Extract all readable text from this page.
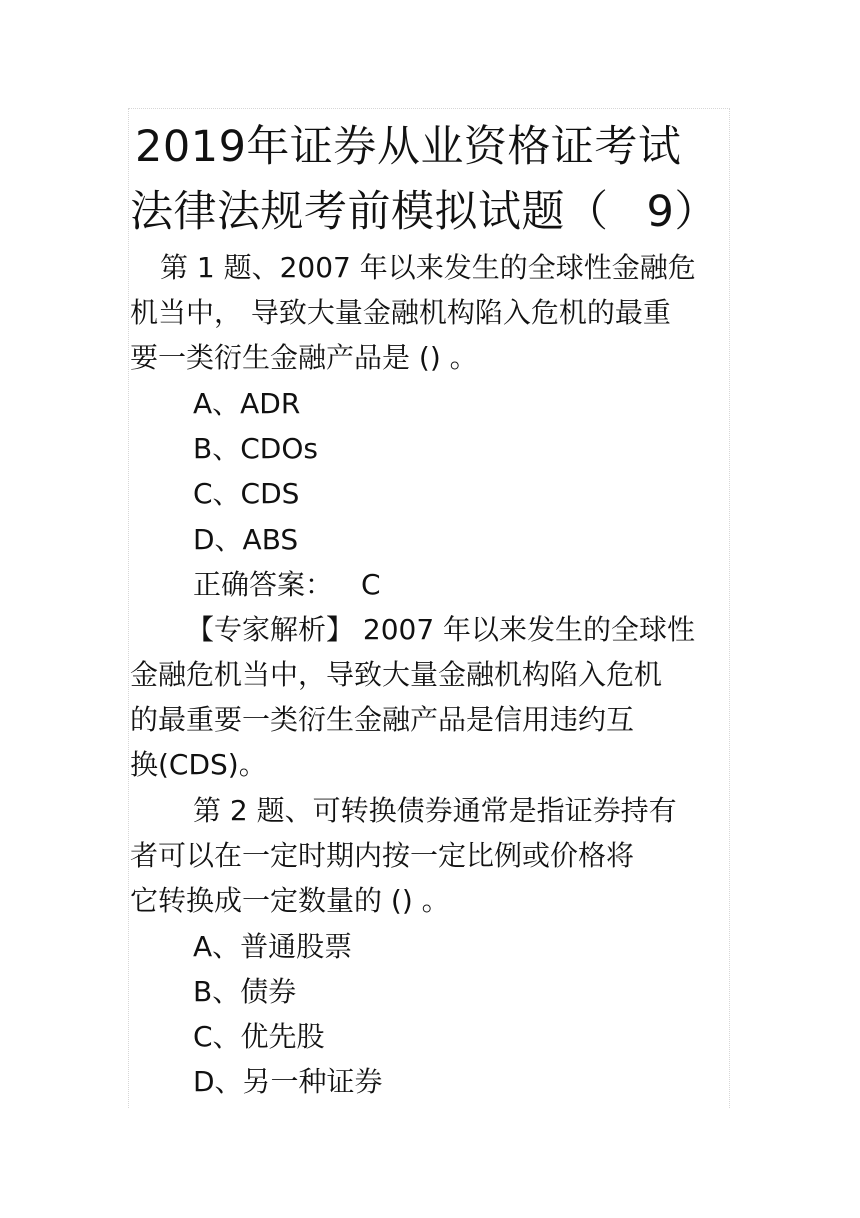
2019年证券从业资格证考试
法律法规考前模拟试题（ 9）
第 1 题、2007 年以来发生的全球性金融危
机当中， 导致大量金融机构陷入危机的最重
要一类衍生金融产品是 () 。
A、ADR
B、CDOs
C、CDS
D、ABS
正确答案： C
【专家解析】 2007 年以来发生的全球性
金融危机当中，导致大量金融机构陷入危机
的最重要一类衍生金融产品是信用违约互
换(CDS)。
第 2 题、可转换债券通常是指证券持有
者可以在一定时期内按一定比例或价格将
它转换成一定数量的 () 。
A、普通股票
B、债券
C、优先股
D、另一种证券
